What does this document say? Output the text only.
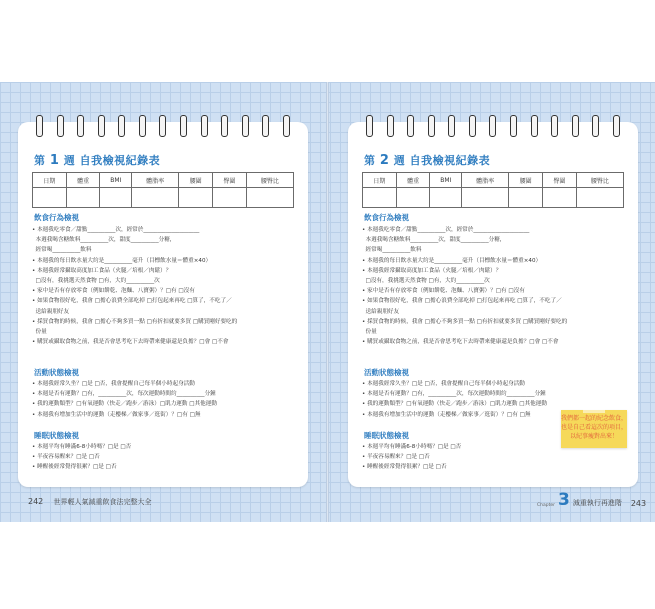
第 1 週 自我檢視紀錄表
日期	體重	BMI	體脂率	腰圍	臀圍	腰臀比

飲食行為檢視
• 本週我吃零食／甜點__________次，經常於____________________
本週我喝含糖飲料__________次，甜度__________分糖，
經常喝__________飲料
• 本週我的每日飲水量大約是__________毫升（目標飲水量＝體重×40）
• 本週我經常攝取高度加工食品（火腿／培根／肉鬆）？
□沒有，我挑選天然食物 □有，大約__________次
• 家中是否有存放零食（例如餅乾、泡麵、八寶粥）？□有 □沒有
• 如果食物很好吃，我會 □擔心浪費全部吃掉 □打包起來再吃 □算了，不吃了／
送給親朋好友
• 採買食物的時候，我會 □擔心不夠多買一點 □有折扣就要多買 □購買剛好要吃的
份量
• 購買或攝取食物之前，我是否會思考吃下去時帶來健康還是負擔？□會 □不會
活動狀態檢視
• 本週我經常久坐？□是 □否，我會提醒自己每半個小時起身活動
• 本週是否有運動？□有，__________次，每次運動時間約__________分鐘
• 我的運動類型？□有氧運動（快走／跑步／游泳）□肌力運動 □其他運動
• 本週我有增加生活中的運動（走樓梯／做家事／逛街）？□有 □無
睡眠狀態檢視
• 本週平均有睡滿6-8小時嗎？□是 □否
• 半夜容易醒來？□是 □否
• 睡醒後經常覺得很累？□是 □否
第 2 週 自我檢視紀錄表
日期	體重	BMI	體脂率	腰圍	臀圍	腰臀比

飲食行為檢視
• 本週我吃零食／甜點__________次，經常於____________________
本週我喝含糖飲料__________次，甜度__________分糖，
經常喝__________飲料
• 本週我的每日飲水量大約是__________毫升（目標飲水量＝體重×40）
• 本週我經常攝取高度加工食品（火腿／培根／肉鬆）？
□沒有，我挑選天然食物 □有，大約__________次
• 家中是否有存放零食（例如餅乾、泡麵、八寶粥）？□有 □沒有
• 如果食物很好吃，我會 □擔心浪費全部吃掉 □打包起來再吃 □算了，不吃了／
送給親朋好友
• 採買食物的時候，我會 □擔心不夠多買一點 □有折扣就要多買 □購買剛好要吃的
份量
• 購買或攝取食物之前，我是否會思考吃下去時帶來健康還是負擔？□會 □不會
活動狀態檢視
• 本週我經常久坐？□是 □否，我會提醒自己每半個小時起身活動
• 本週是否有運動？□有，__________次，每次運動時間約__________分鐘
• 我的運動類型？□有氧運動（快走／跑步／游泳）□肌力運動 □其他運動
• 本週我有增加生活中的運動（走樓梯／做家事／逛街）？□有 □無
睡眠狀態檢視
• 本週平均有睡滿6-8小時嗎？□是 □否
• 半夜容易醒來？□是 □否
• 睡醒後經常覺得很累？□是 □否
我們都一起的紀念飲食，
也是自己看這次的項目，
以紀事瘦對出來！
242 世界輕人氣減重飲食法完整大全	Chapter 3 減重執行再進階 243
